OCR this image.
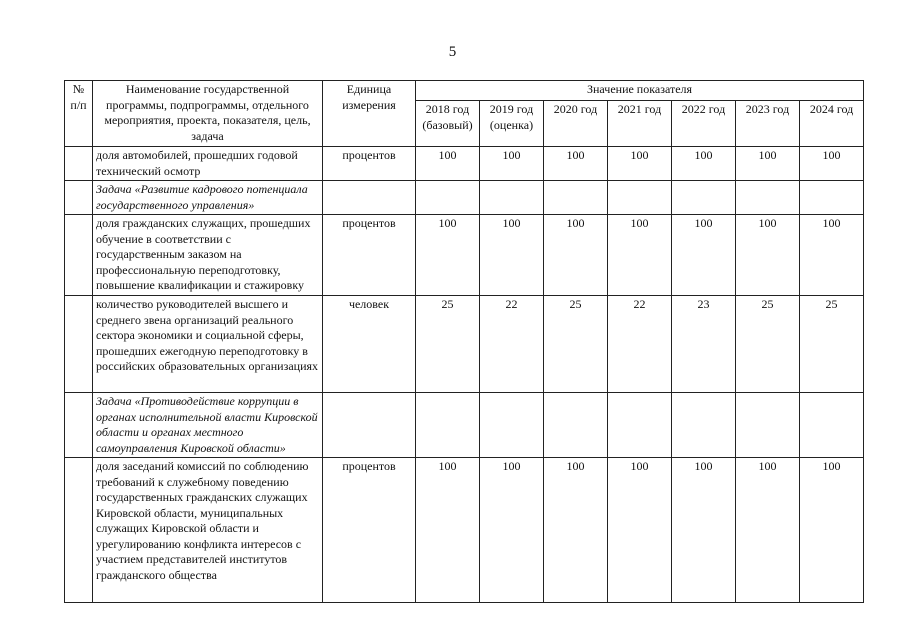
5
№
п/п	Наименование государственной программы, подпрограммы, отдельного мероприятия, проекта, показателя, цель, задача	Единица измерения	Значение показателя						
			2018 год (базовый)	2019 год (оценка)	2020 год	2021 год	2022 год	2023 год	2024 год
	доля автомобилей, прошедших годовой технический осмотр	процентов	100	100	100	100	100	100	100
	Задача «Развитие кадрового потенциала государственного управления»								
	доля гражданских служащих, прошедших обучение в соответствии с государственным заказом на профессиональную переподготовку, повышение квалификации и стажировку	процентов	100	100	100	100	100	100	100
	количество руководителей высшего и среднего звена организаций реального сектора экономики и социальной сферы, прошедших ежегодную переподготовку в российских образовательных организациях	человек	25	22	25	22	23	25	25
	Задача «Противодействие коррупции в органах исполнительной власти Кировской области и органах местного самоуправления Кировской области»								
	доля заседаний комиссий по соблюдению требований к служебному поведению государственных гражданских служащих Кировской области, муниципальных служащих Кировской области и урегулированию конфликта интересов с участием представителей институтов гражданского общества	процентов	100	100	100	100	100	100	100
